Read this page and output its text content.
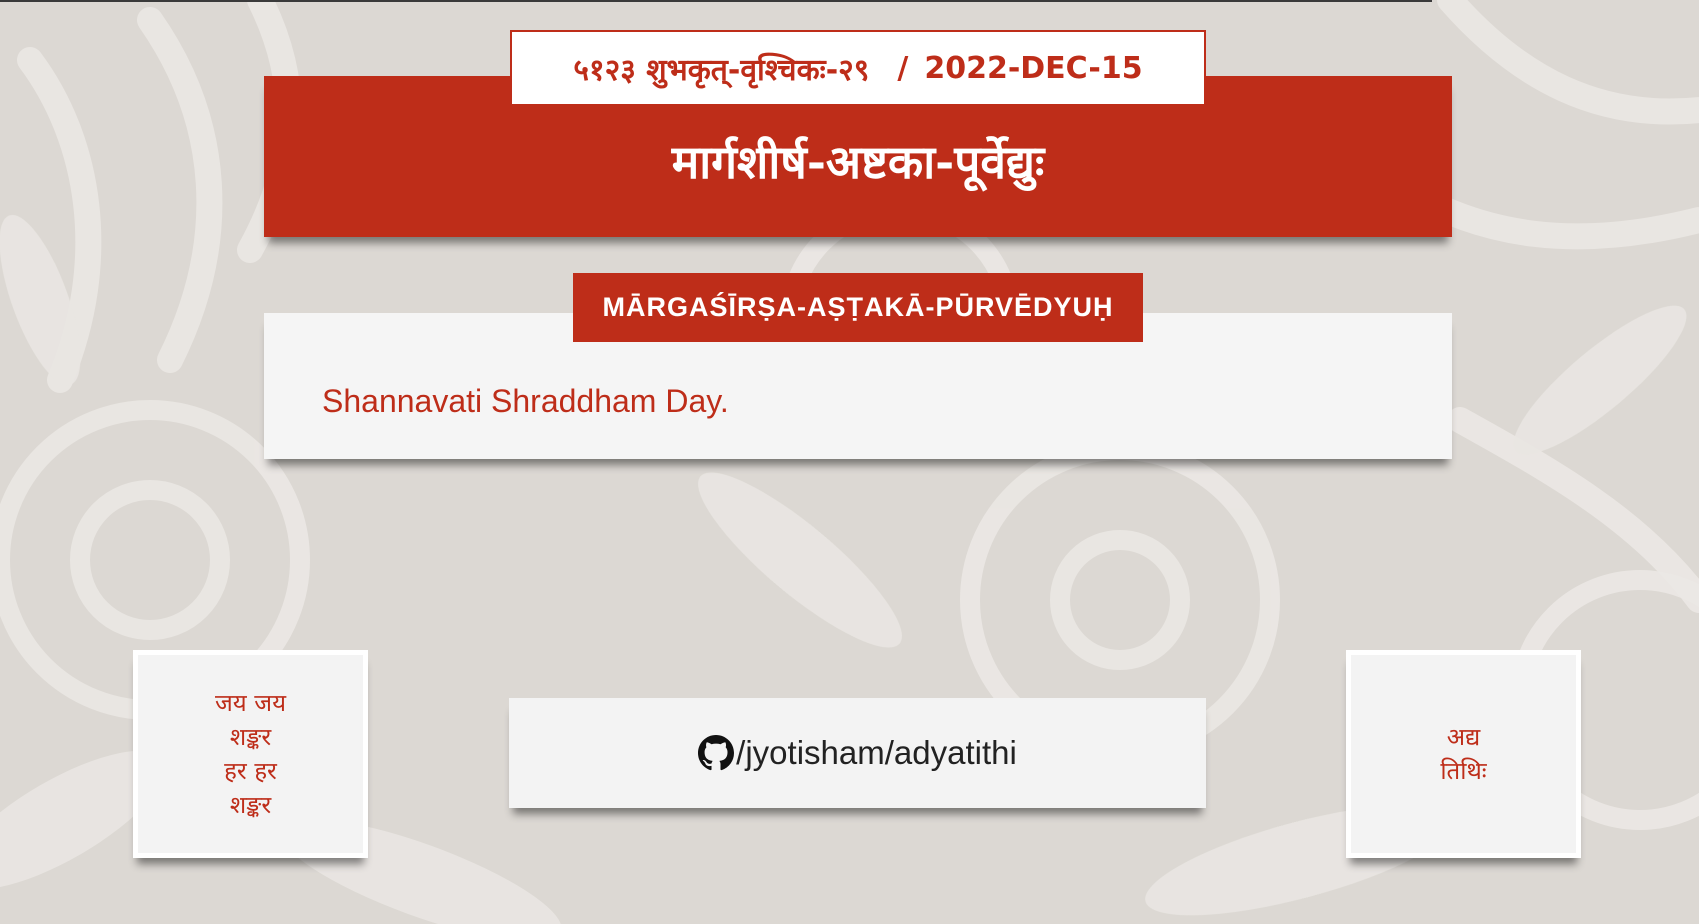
५१२३ शुभकृत्-वृश्चिकः-२९ / 2022-DEC-15
मार्गशीर्ष-अष्टका-पूर्वेद्युः
MĀRGAŚĪRṢA-AṢṬAKĀ-PŪRVĒDYUḤ
Shannavati Shraddham Day.
जय जय
शङ्कर
हर हर
शङ्कर
/jyotisham/adyatithi	अद्य
तिथिः
